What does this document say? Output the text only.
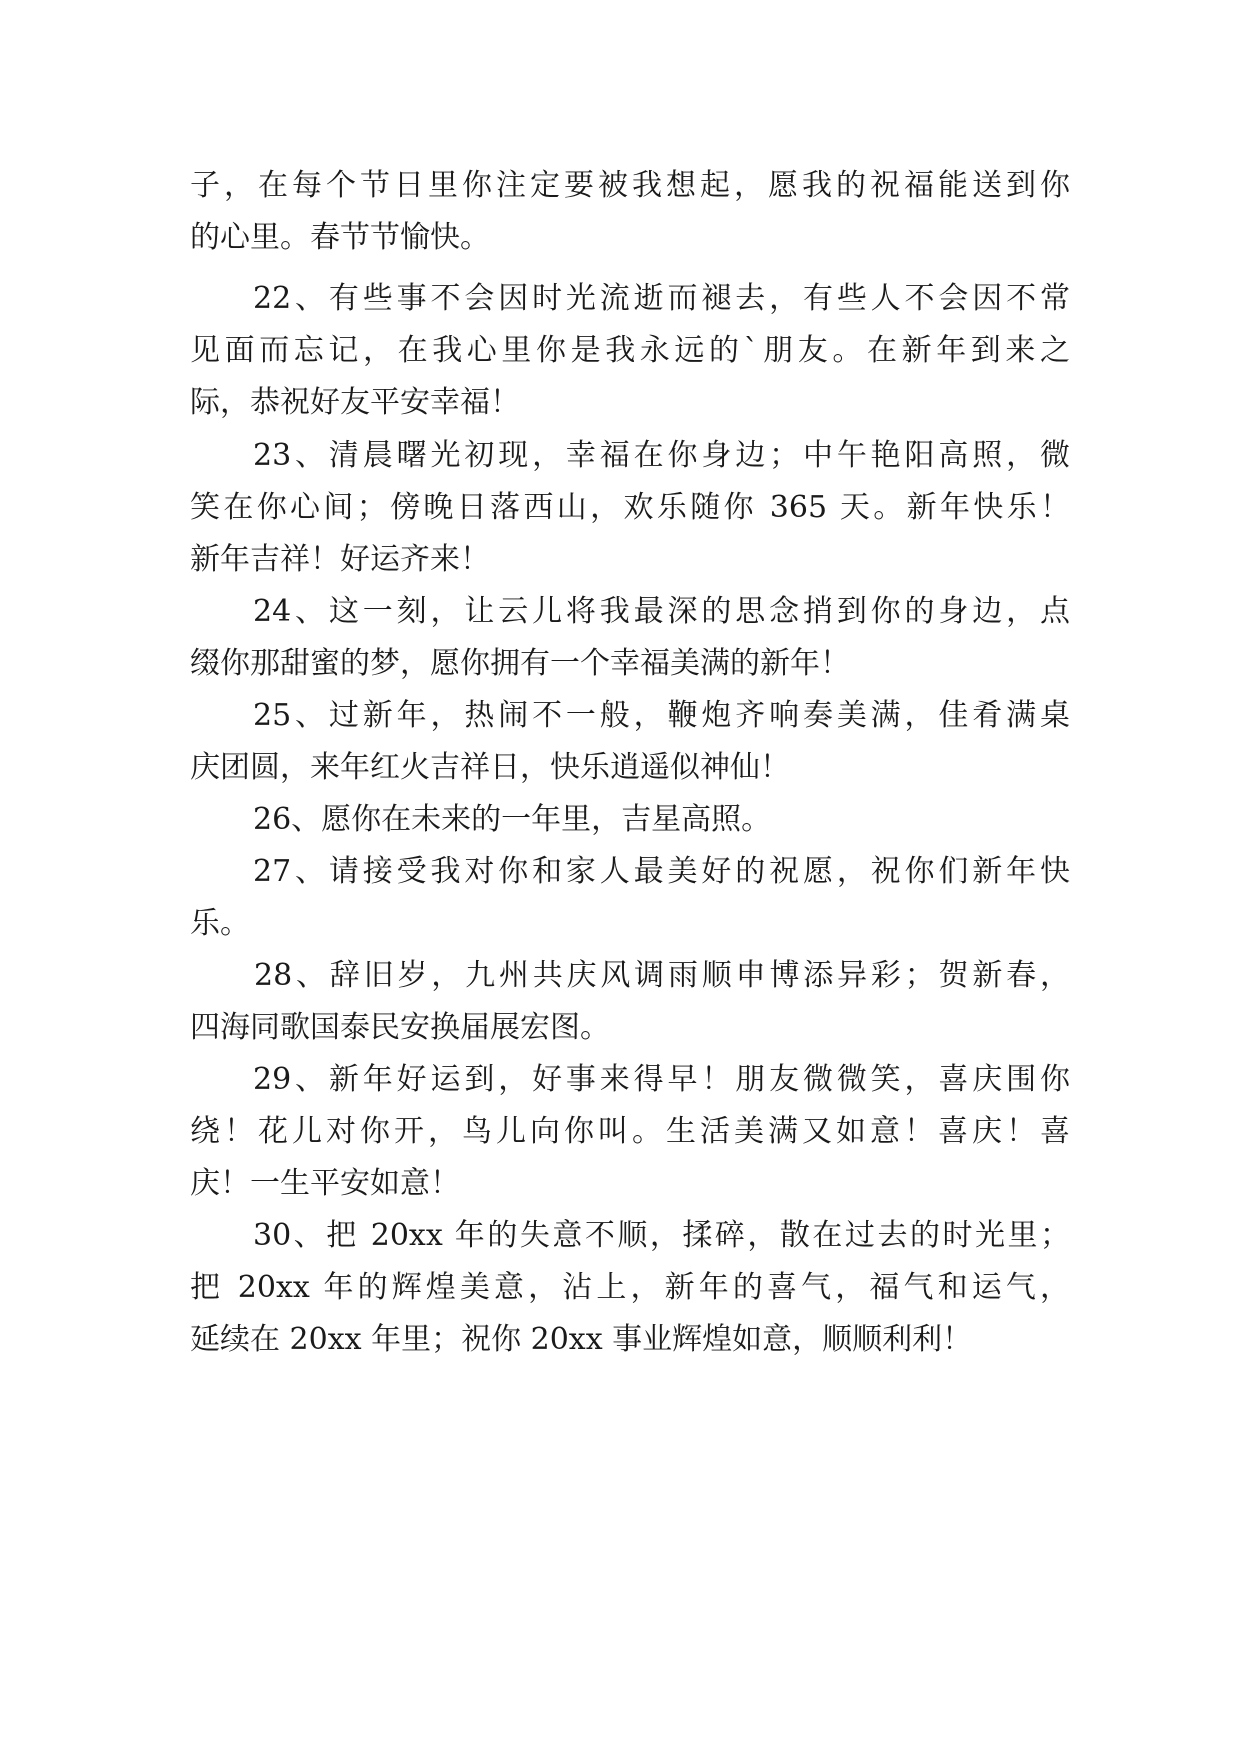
子，在每个节日里你注定要被我想起，愿我的祝福能送到你
的心里。春节节愉快。
22、有些事不会因时光流逝而褪去，有些人不会因不常
见面而忘记，在我心里你是我永远的`朋友。在新年到来之
际，恭祝好友平安幸福！
23、清晨曙光初现，幸福在你身边；中午艳阳高照，微
笑在你心间；傍晚日落西山，欢乐随你 365 天。新年快乐！
新年吉祥！好运齐来！
24、这一刻，让云儿将我最深的思念捎到你的身边，点
缀你那甜蜜的梦，愿你拥有一个幸福美满的新年！
25、过新年，热闹不一般，鞭炮齐响奏美满，佳肴满桌
庆团圆，来年红火吉祥日，快乐逍遥似神仙！
26、愿你在未来的一年里，吉星高照。
27、请接受我对你和家人最美好的祝愿，祝你们新年快
乐。
28、辞旧岁，九州共庆风调雨顺申博添异彩；贺新春，
四海同歌国泰民安换届展宏图。
29、新年好运到，好事来得早！朋友微微笑，喜庆围你
绕！花儿对你开，鸟儿向你叫。生活美满又如意！喜庆！喜
庆！一生平安如意！
30、把 20xx 年的失意不顺，揉碎，散在过去的时光里；
把 20xx 年的辉煌美意，沾上，新年的喜气，福气和运气，
延续在 20xx 年里；祝你 20xx 事业辉煌如意，顺顺利利！
